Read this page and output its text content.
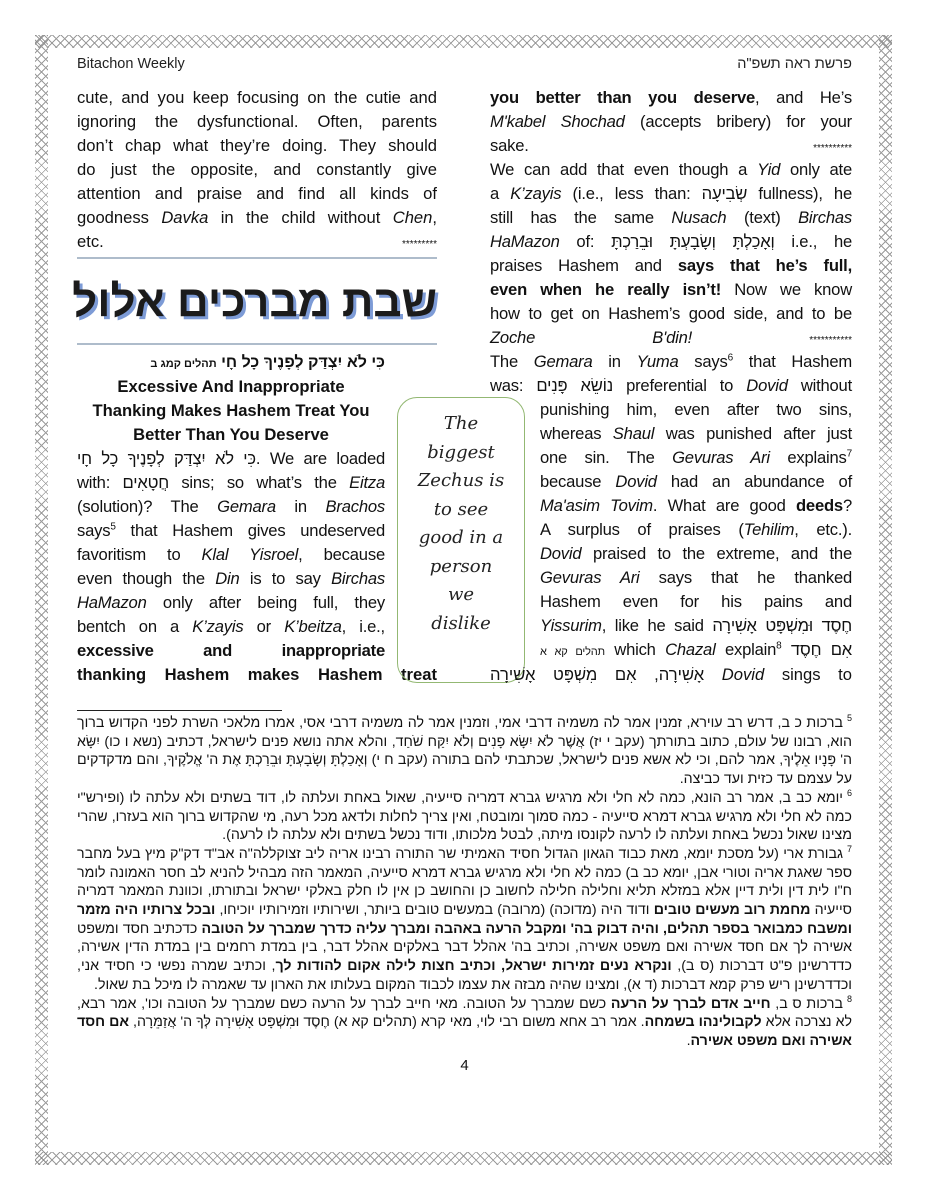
Bitachon Weekly	פרשת ראה תשפ"ה
cute, and you keep focusing on the cutie and
ignoring the dysfunctional. Often, parents
don’t chap what they’re doing. They should
do just the opposite, and constantly give
attention and praise and find all kinds of
goodness Davka in the child without Chen,
etc. *********
שבת מברכים אלול
כִּי לֹא יִצְדַּק לְפָנֶיךָ כָל חָי תהלים קמג ב
Excessive And Inappropriate
Thanking Makes Hashem Treat You
Better Than You Deserve
כִּי לֹא יִצְדַּק לְפָנֶיךָ כָל חָי. We are loaded
with: חֲטָאִים sins; so what’s the Eitza
(solution)? The Gemara in Brachos
says$^5$ that Hashem gives undeserved
favoritism to Klal Yisroel, because
even though the Din is to say Birchas
HaMazon only after being full, they
bentch on a K’zayis or K’beitza, i.e.,
excessive and inappropriate
thanking Hashem makes Hashem treat
The
biggest
Zechus is
to see
good in a
person
we
dislike
you better than you deserve, and He’s
M'kabel Shochad (accepts bribery) for your
sake. **********
We can add that even though a Yid only ate
a K’zayis (i.e., less than: שְׂבִיעָה fullness), he
still has the same Nusach (text) Birchas
HaMazon of: וְאָכַלְתָּ וְשָׂבָעְתָּ וּבֵרַכְתָּ i.e., he
praises Hashem and says that he’s full,
even when he really isn’t! Now we know
how to get on Hashem’s good side, and to be
Zoche B'din!	***********
The Gemara in Yuma says$^6$ that Hashem
was: נוֹשֵׂא פָּנִים preferential to Dovid without
punishing him, even after two sins,
whereas Shaul was punished after just
one sin. The Gevuras Ari explains$^7$
because Dovid had an abundance of
Ma'asim Tovim. What are good deeds?
A surplus of praises (Tehilim, etc.).
Dovid praised to the extreme, and the
Gevuras Ari says that he thanked
Hashem even for his pains and
Yissurim, like he said חֶסֶד וּמִשְׁפָּט אָשִׁירָה
תהלים קא א which Chazal explain$^8$ אִם חֶסֶד
אָשִׁירָה, אִם מִשְׁפָּט אָשִׁירָה Dovid sings to

$^5$ברכות כ ב, דרש רב עוירא, זמנין אמר לה משמיה דרבי אמי, וזמנין אמר לה משמיה דרבי אסי, אמרו מלאכי השרת לפני הקדוש ברוך הוא, רבונו של עולם, כתוב בתורתך (עקב י יז) אֲשֶׁר לֹא יִשָּׂא פָנִים וְלֹא יִקַּח שֹׁחַד, והלא אתה נושא פנים לישראל, דכתיב (נשא ו כו) יִשָּׂא ה' פָּנָיו אֵלֶיךָ, אמר להם, וכי לא אשא פנים לישראל, שכתבתי להם בתורה (עקב ח י) וְאָכַלְתָּ וְשָׂבָעְתָּ וּבֵרַכְתָּ אֶת ה' אֱלֹקֶיךָ, והם מדקדקים על עצמם עד כזית ועד כביצה.

$^6$יומא כב ב, אמר רב הונא, כמה לא חלי ולא מרגיש גברא דמריה סייעיה, שאול באחת ועלתה לו, דוד בשתים ולא עלתה לו (ופירש"י כמה לא חלי ולא מרגיש גברא דמרא סייעיה - כמה סמוך ומובטח, ואין צריך לחלות ולדאג מכל רעה, מי שהקדוש ברוך הוא בעזרו, שהרי מצינו שאול נכשל באחת ועלתה לו לרעה לקונסו מיתה, לבטל מלכותו, ודוד נכשל בשתים ולא עלתה לו לרעה).

$^7$גבורת ארי (על מסכת יומא, מאת כבוד הגאון הגדול חסיד האמיתי שר התורה רבינו אריה ליב זצוקללה"ה אב"ד דק"ק מיץ בעל מחבר ספר שאגת אריה וטורי אבן, יומא כב ב) כמה לא חלי ולא מרגיש גברא דמרא סייעיה, המאמר הזה מבהיל להניא לב חסר האמונה לומר ח"ו לית דין ולית דיין אלא במזלא תליא וחלילה חלילה לחשוב כן והחושב כן אין לו חלק באלקי ישראל ובתורתו, וכוונת המאמר דמריה סייעיה מחמת רוב מעשים טובים ודוד היה (מדוכה) (מרובה) במעשים טובים ביותר, ושירותיו וזמירותיו יוכיחו, ובכל צרותיו היה מזמר ומשבח כמבואר בספר תהלים, והיה דבוק בה' ומקבל הרעה באהבה ומברך עליה כדרך שמברך על הטובה כדכתיב חסד ומשפט אשירה לך אם חסד אשירה ואם משפט אשירה, וכתיב בה' אהלל דבר באלקים אהלל דבר, בין במדת רחמים בין במדת הדין אשירה, כדדרשינן פ"ט דברכות (ס ב), ונקרא נעים זמירות ישראל, וכתיב חצות לילה אקום להודות לך, וכתיב שמרה נפשי כי חסיד אני, וכדדרשינן ריש פרק קמא דברכות (ד א), ומצינו שהיה מבזה את עצמו לכבוד המקום בעלותו את הארון עד שאמרה לו מיכל בת שאול.

$^8$ברכות ס ב, חייב אדם לברך על הרעה כשם שמברך על הטובה. מאי חייב לברך על הרעה כשם שמברך על הטובה וכו', אמר רבא, לא נצרכה אלא לקבולינהו בשמחה. אמר רב אחא משום רבי לוי, מאי קרא (תהלים קא א) חֶסֶד וּמִשְׁפָּט אָשִׁירָה לְּךָ ה' אֲזַמֵּרָה, אם חסד אשירה ואם משפט אשירה.

4
